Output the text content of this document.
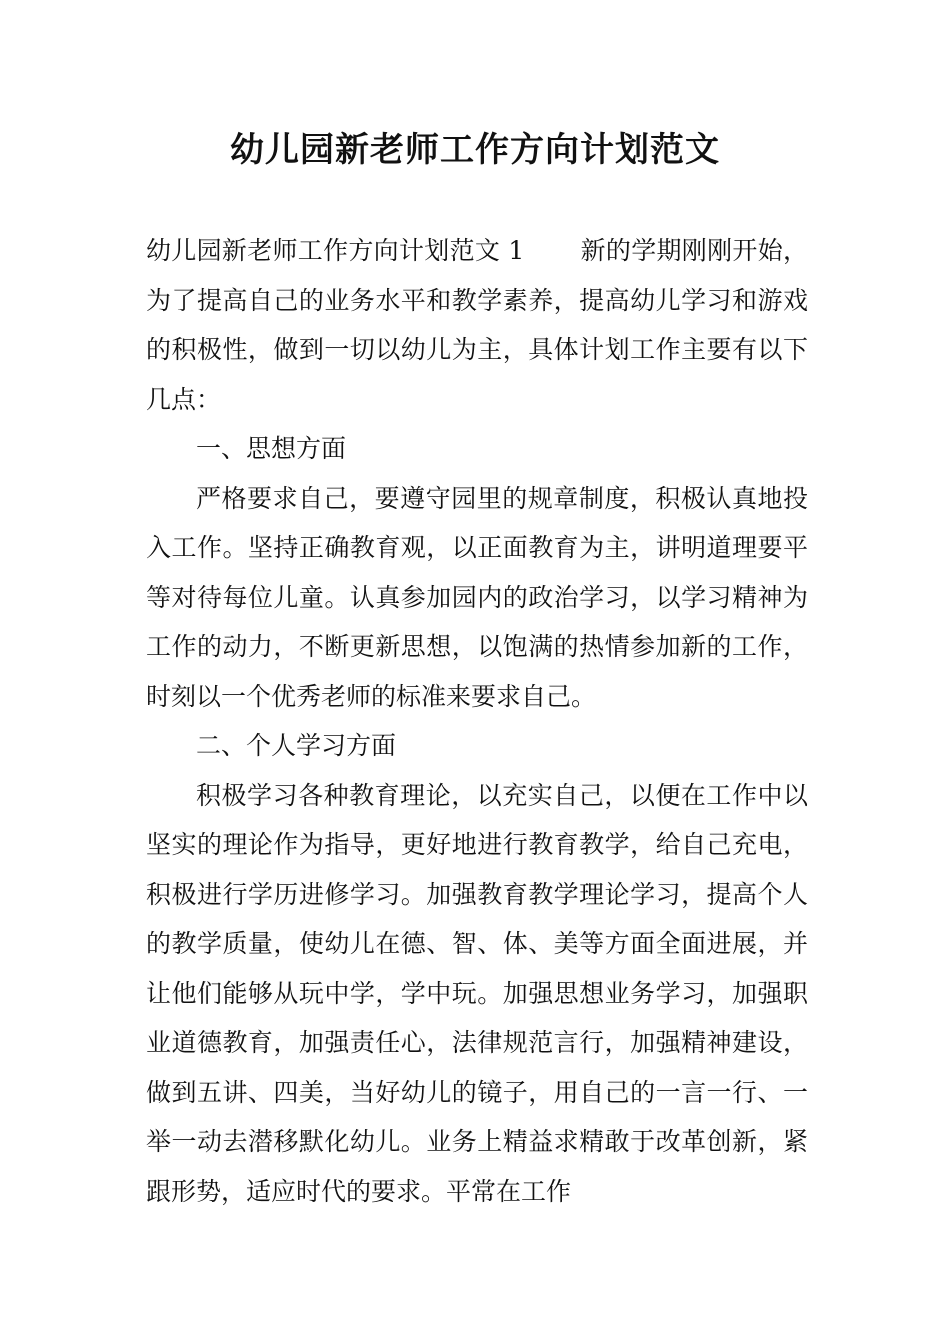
幼儿园新老师工作方向计划范文

幼儿园新老师工作方向计划范文 1 新的学期刚刚开始，为了提高自己的业务水平和教学素养，提高幼儿学习和游戏的积极性，做到一切以幼儿为主，具体计划工作主要有以下几点：

一、思想方面

严格要求自己，要遵守园里的规章制度，积极认真地投入工作。坚持正确教育观，以正面教育为主，讲明道理要平等对待每位儿童。认真参加园内的政治学习，以学习精神为工作的动力，不断更新思想，以饱满的热情参加新的工作，时刻以一个优秀老师的标准来要求自己。

二、个人学习方面

积极学习各种教育理论，以充实自己，以便在工作中以坚实的理论作为指导，更好地进行教育教学，给自己充电，积极进行学历进修学习。加强教育教学理论学习，提高个人的教学质量，使幼儿在德、智、体、美等方面全面进展，并让他们能够从玩中学，学中玩。加强思想业务学习，加强职业道德教育，加强责任心，法律规范言行，加强精神建设，做到五讲、四美，当好幼儿的镜子，用自己的一言一行、一举一动去潜移默化幼儿。业务上精益求精敢于改革创新，紧跟形势，适应时代的要求。平常在工作
